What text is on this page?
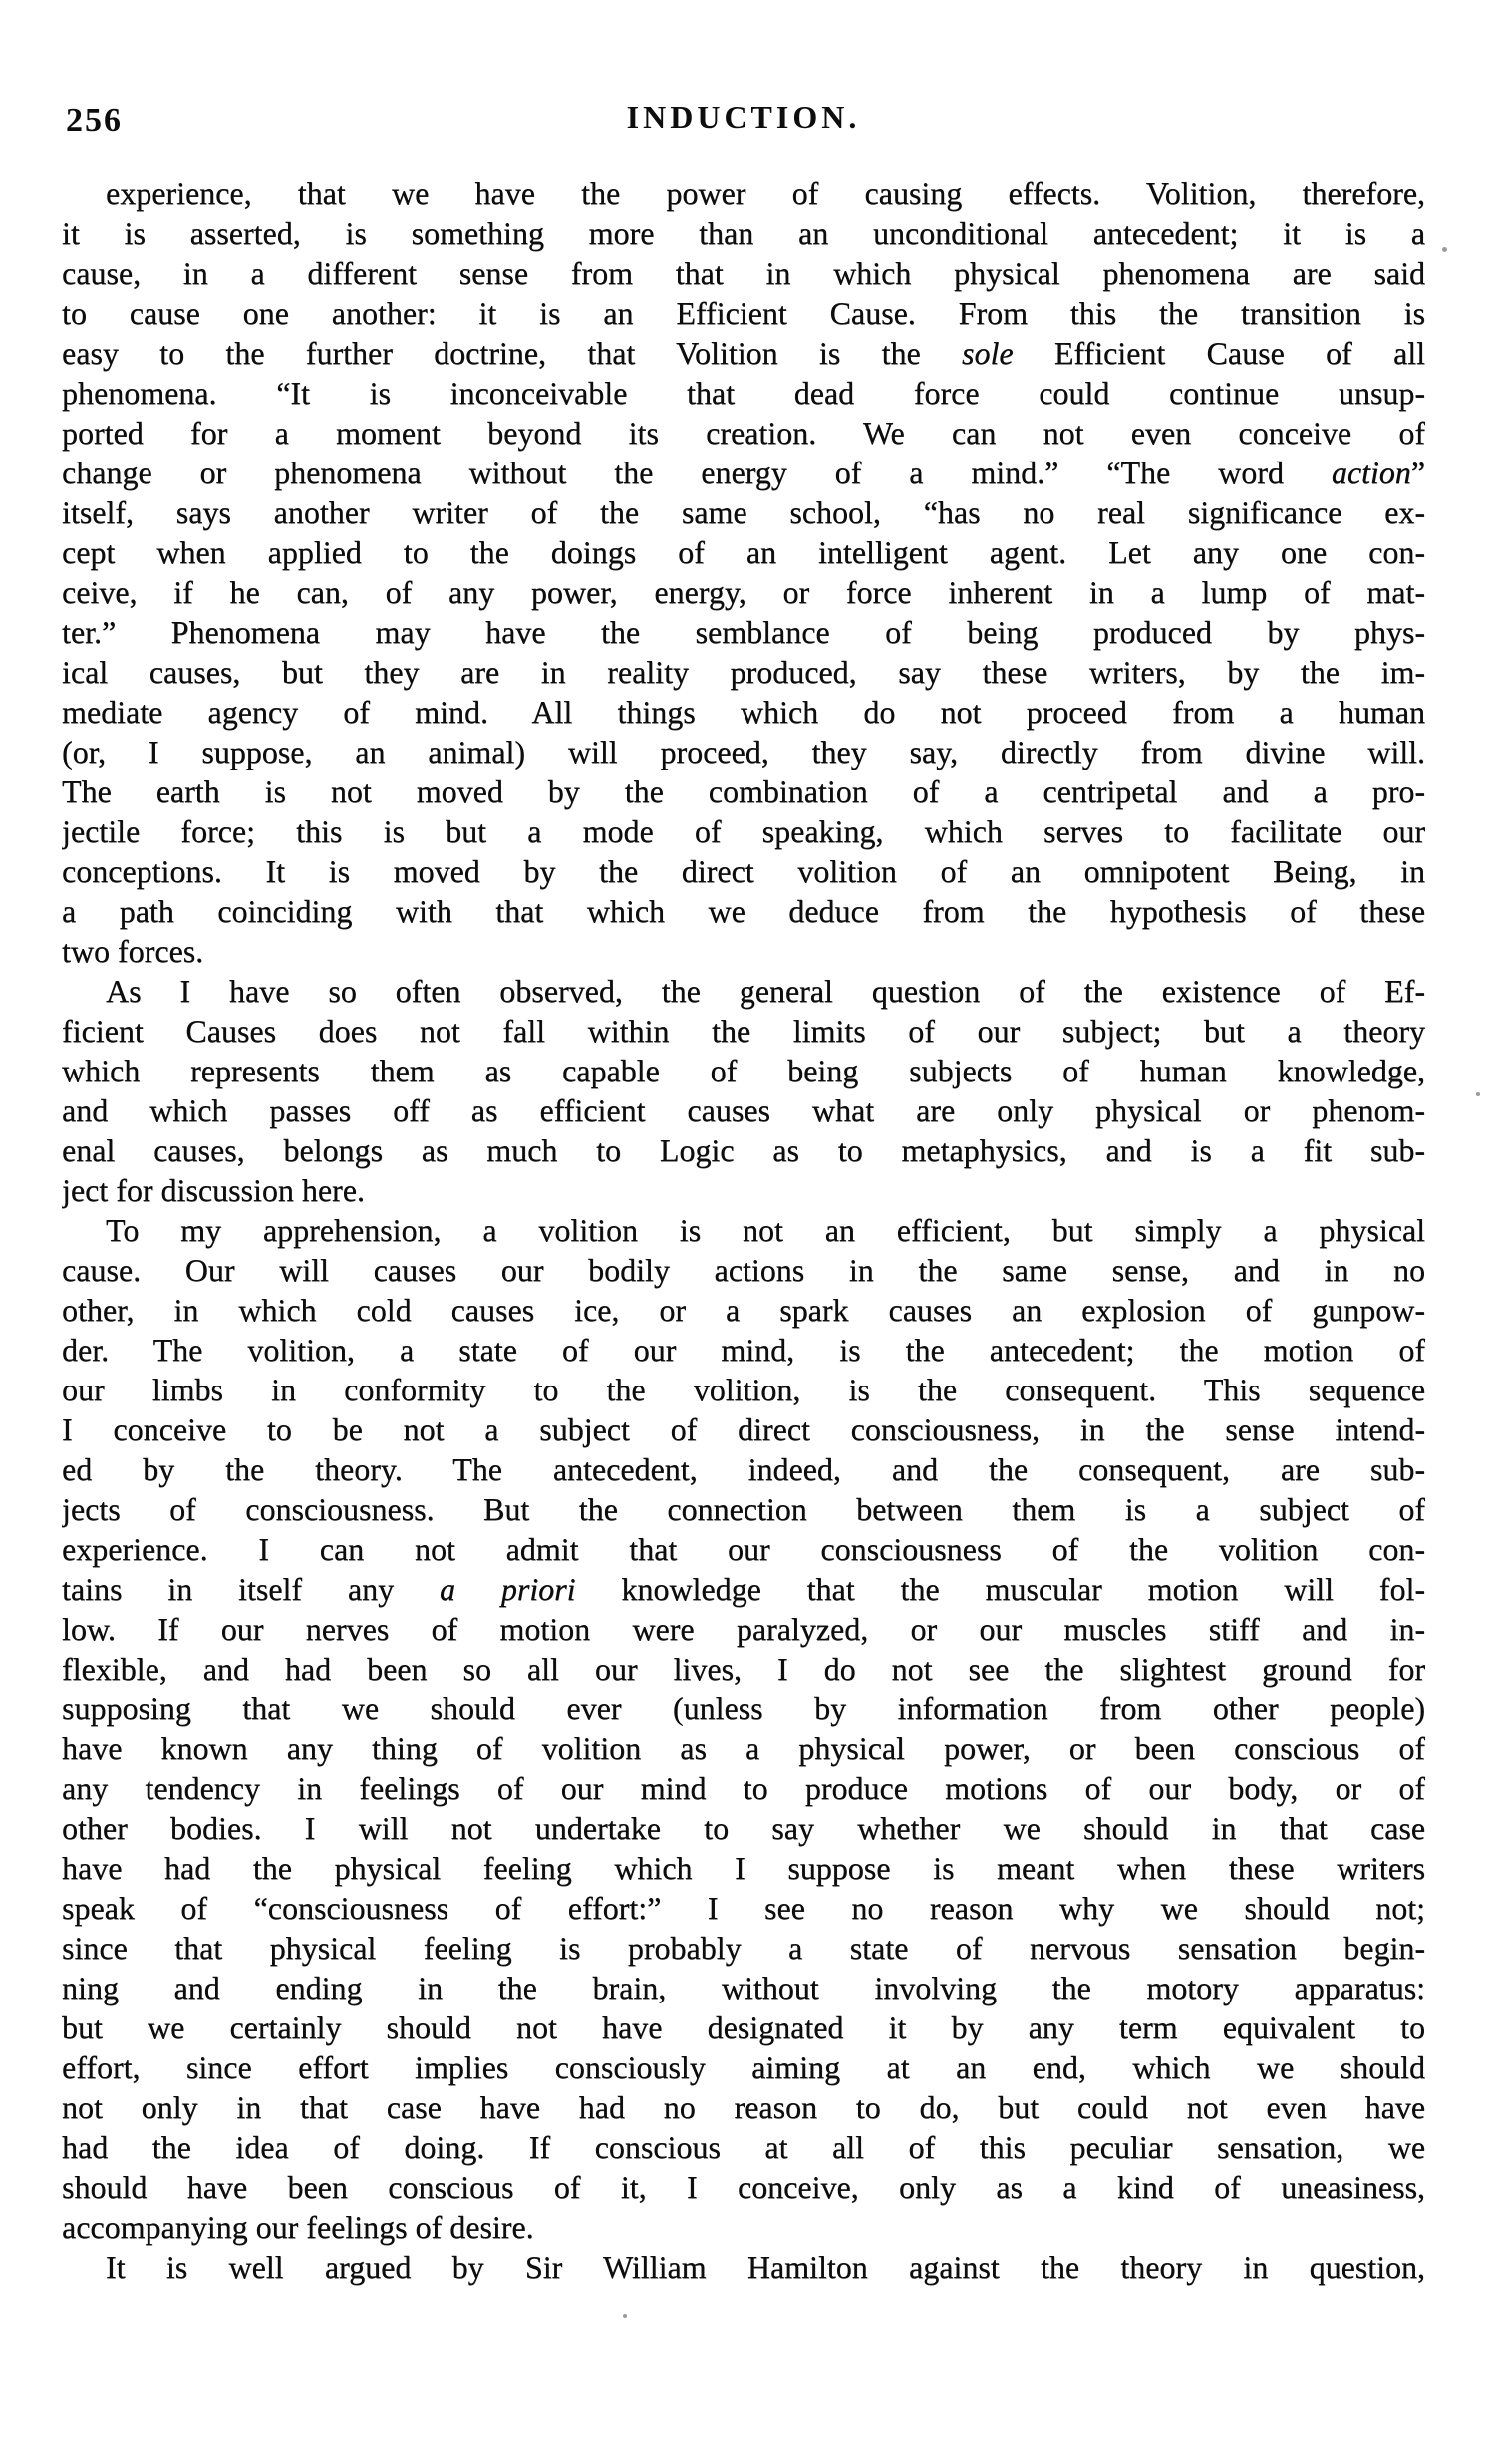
256	INDUCTION.
experience, that we have the power of causing effects. Volition, therefore,
it is asserted, is something more than an unconditional antecedent; it is a
cause, in a different sense from that in which physical phenomena are said
to cause one another: it is an Efficient Cause. From this the transition is
easy to the further doctrine, that Volition is the sole Efficient Cause of all
phenomena. “It is inconceivable that dead force could continue unsup-
ported for a moment beyond its creation. We can not even conceive of
change or phenomena without the energy of a mind.” “The word action”
itself, says another writer of the same school, “has no real significance ex-
cept when applied to the doings of an intelligent agent. Let any one con-
ceive, if he can, of any power, energy, or force inherent in a lump of mat-
ter.” Phenomena may have the semblance of being produced by phys-
ical causes, but they are in reality produced, say these writers, by the im-
mediate agency of mind. All things which do not proceed from a human
(or, I suppose, an animal) will proceed, they say, directly from divine will.
The earth is not moved by the combination of a centripetal and a pro-
jectile force; this is but a mode of speaking, which serves to facilitate our
conceptions. It is moved by the direct volition of an omnipotent Being, in
a path coinciding with that which we deduce from the hypothesis of these
two forces.
As I have so often observed, the general question of the existence of Ef-
ficient Causes does not fall within the limits of our subject; but a theory
which represents them as capable of being subjects of human knowledge,
and which passes off as efficient causes what are only physical or phenom-
enal causes, belongs as much to Logic as to metaphysics, and is a fit sub-
ject for discussion here.
To my apprehension, a volition is not an efficient, but simply a physical
cause. Our will causes our bodily actions in the same sense, and in no
other, in which cold causes ice, or a spark causes an explosion of gunpow-
der. The volition, a state of our mind, is the antecedent; the motion of
our limbs in conformity to the volition, is the consequent. This sequence
I conceive to be not a subject of direct consciousness, in the sense intend-
ed by the theory. The antecedent, indeed, and the consequent, are sub-
jects of consciousness. But the connection between them is a subject of
experience. I can not admit that our consciousness of the volition con-
tains in itself any a priori knowledge that the muscular motion will fol-
low. If our nerves of motion were paralyzed, or our muscles stiff and in-
flexible, and had been so all our lives, I do not see the slightest ground for
supposing that we should ever (unless by information from other people)
have known any thing of volition as a physical power, or been conscious of
any tendency in feelings of our mind to produce motions of our body, or of
other bodies. I will not undertake to say whether we should in that case
have had the physical feeling which I suppose is meant when these writers
speak of “consciousness of effort:” I see no reason why we should not;
since that physical feeling is probably a state of nervous sensation begin-
ning and ending in the brain, without involving the motory apparatus:
but we certainly should not have designated it by any term equivalent to
effort, since effort implies consciously aiming at an end, which we should
not only in that case have had no reason to do, but could not even have
had the idea of doing. If conscious at all of this peculiar sensation, we
should have been conscious of it, I conceive, only as a kind of uneasiness,
accompanying our feelings of desire.
It is well argued by Sir William Hamilton against the theory in question,
